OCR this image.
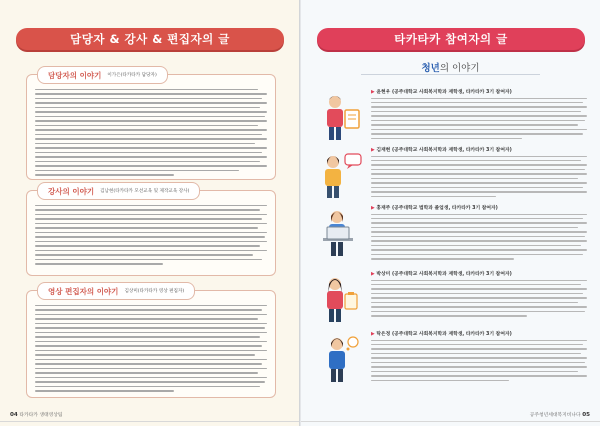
담당자 & 강사 & 편집자의 글
담당자의 이야기 이가은(타카타카 담당자)
강사의 이야기 김남현(타카타카 모션교육 및 제작교육 강사)
영상 편집자의 이야기 김상미(타카타카 영상 편집자)
04 타카타카 생태영상팀
타카타카 참여자의 글
청년의 이야기
▶ 윤현우 (공주대학교 사회복지학과 재학생, 타카타카 3기 참여자)
▶ 김재현 (공주대학교 사회복지학과 재학생, 타카타카 3기 참여자)
▶ 홍재주 (공주대학교 법학과 졸업생, 타카타카 3기 참여자)
▶ 박상미 (공주대학교 사회복지학과 재학생, 타카타카 3기 참여자)
▶ 탁은정 (공주대학교 사회복지학과 재학생, 타카타카 3기 참여자)
공주청년세대복지비나다 05
